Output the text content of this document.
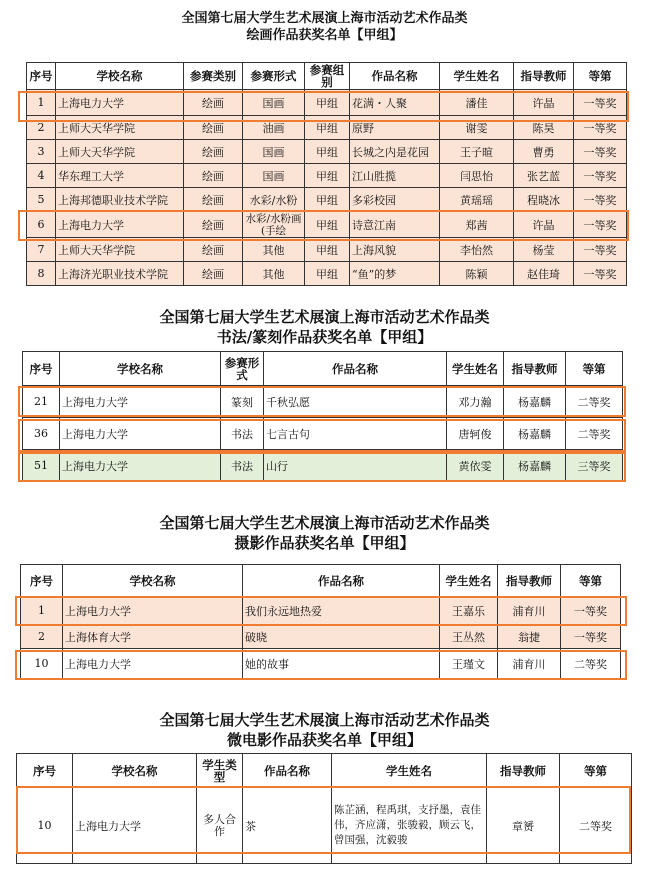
全国第七届大学生艺术展演上海市活动艺术作品类
绘画作品获奖名单【甲组】
序号	学校名称	参赛类别	参赛形式	参赛组别	作品名称	学生姓名	指导教师	等第
1	上海电力大学	绘画	国画	甲组	花满・人聚	潘佳	许晶	一等奖
2	上师大天华学院	绘画	油画	甲组	原野	谢雯	陈昊	一等奖
3	上师大天华学院	绘画	国画	甲组	长城之内是花园	王子暄	曹勇	一等奖
4	华东理工大学	绘画	国画	甲组	江山胜揽	闫思怡	张艺蓝	一等奖
5	上海邦德职业技术学院	绘画	水彩/水粉	甲组	多彩校园	黄瑶瑶	程晓冰	一等奖
6	上海电力大学	绘画	水彩/水粉画(手绘	甲组	诗意江南	郑茜	许晶	一等奖
7	上师大天华学院	绘画	其他	甲组	上海风貌	李怡然	杨莹	一等奖
8	上海济光职业技术学院	绘画	其他	甲组	“鱼”的梦	陈颖	赵佳琦	一等奖
全国第七届大学生艺术展演上海市活动艺术作品类
书法/篆刻作品获奖名单【甲组】
序号	学校名称	参赛形式	作品名称	学生姓名	指导教师	等第
21	上海电力大学	篆刻	千秋弘愿	邓力瀚	杨嘉麟	二等奖
36	上海电力大学	书法	七言古句	唐轲俊	杨嘉麟	二等奖
51	上海电力大学	书法	山行	黄依雯	杨嘉麟	三等奖
全国第七届大学生艺术展演上海市活动艺术作品类
摄影作品获奖名单【甲组】
序号	学校名称	作品名称	学生姓名	指导教师	等第
1	上海电力大学	我们永远地热爱	王嘉乐	浦育川	一等奖
2	上海体育大学	破晓	王丛然	翁捷	一等奖
10	上海电力大学	她的故事	王瑾文	浦育川	二等奖
全国第七届大学生艺术展演上海市活动艺术作品类
微电影作品获奖名单【甲组】
序号	学校名称	学生类型	作品名称	学生姓名	指导教师	等第
10	上海电力大学	多人合作	茶	陈芷涵，程禹琪，支抒墨，袁佳伟，齐应潇，张骏毅，顾云飞，曾国强，沈毅骏	章赟	二等奖
